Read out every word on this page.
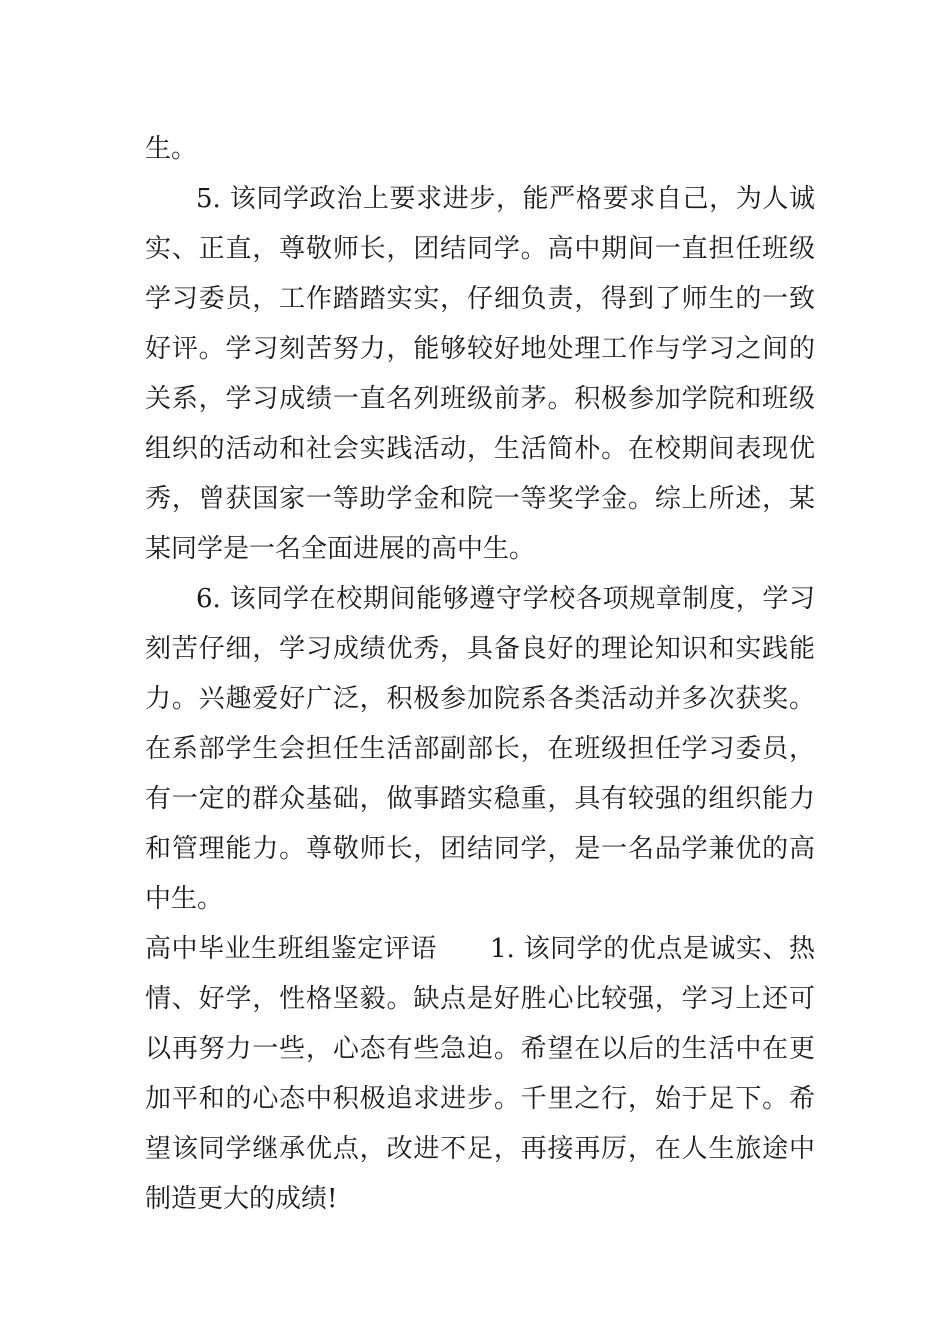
生。
5. 该同学政治上要求进步，能严格要求自己，为人诚
实、正直，尊敬师长，团结同学。高中期间一直担任班级
学习委员，工作踏踏实实，仔细负责，得到了师生的一致
好评。学习刻苦努力，能够较好地处理工作与学习之间的
关系，学习成绩一直名列班级前茅。积极参加学院和班级
组织的活动和社会实践活动，生活简朴。在校期间表现优
秀，曾获国家一等助学金和院一等奖学金。综上所述，某
某同学是一名全面进展的高中生。
6. 该同学在校期间能够遵守学校各项规章制度，学习
刻苦仔细，学习成绩优秀，具备良好的理论知识和实践能
力。兴趣爱好广泛，积极参加院系各类活动并多次获奖。
在系部学生会担任生活部副部长，在班级担任学习委员，
有一定的群众基础，做事踏实稳重，具有较强的组织能力
和管理能力。尊敬师长，团结同学，是一名品学兼优的高
中生。
高中毕业生班组鉴定评语　　1. 该同学的优点是诚实、热
情、好学，性格坚毅。缺点是好胜心比较强，学习上还可
以再努力一些，心态有些急迫。希望在以后的生活中在更
加平和的心态中积极追求进步。千里之行，始于足下。希
望该同学继承优点，改进不足，再接再厉，在人生旅途中
制造更大的成绩!
